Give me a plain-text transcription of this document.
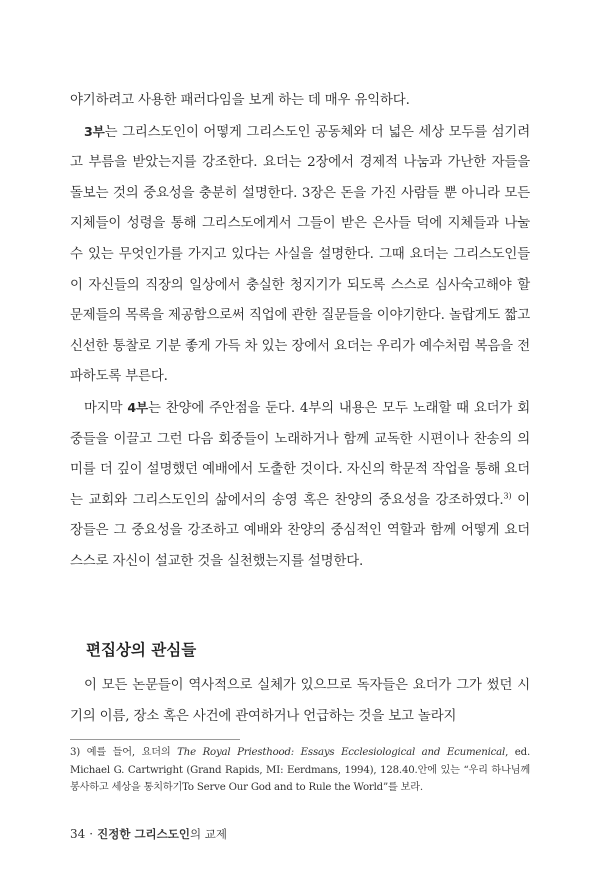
야기하려고 사용한 패러다임을 보게 하는 데 매우 유익하다.

3부는 그리스도인이 어떻게 그리스도인 공동체와 더 넓은 세상 모두를 섬기려고 부름을 받았는지를 강조한다. 요더는 2장에서 경제적 나눔과 가난한 자들을 돌보는 것의 중요성을 충분히 설명한다. 3장은 돈을 가진 사람들 뿐 아니라 모든 지체들이 성령을 통해 그리스도에게서 그들이 받은 은사들 덕에 지체들과 나눌 수 있는 무엇인가를 가지고 있다는 사실을 설명한다. 그때 요더는 그리스도인들이 자신들의 직장의 일상에서 충실한 청지기가 되도록 스스로 심사숙고해야 할 문제들의 목록을 제공함으로써 직업에 관한 질문들을 이야기한다. 놀랍게도 짧고 신선한 통찰로 기분 좋게 가득 차 있는 장에서 요더는 우리가 예수처럼 복음을 전파하도록 부른다.

마지막 4부는 찬양에 주안점을 둔다. 4부의 내용은 모두 노래할 때 요더가 회중들을 이끌고 그런 다음 회중들이 노래하거나 함께 교독한 시편이나 찬송의 의미를 더 깊이 설명했던 예배에서 도출한 것이다. 자신의 학문적 작업을 통해 요더는 교회와 그리스도인의 삶에서의 송영 혹은 찬양의 중요성을 강조하였다.$^{3)}$ 이 장들은 그 중요성을 강조하고 예배와 찬양의 중심적인 역할과 함께 어떻게 요더 스스로 자신이 설교한 것을 실천했는지를 설명한다.

편집상의 관심들

이 모든 논문들이 역사적으로 실체가 있으므로 독자들은 요더가 그가 썼던 시기의 이름, 장소 혹은 사건에 관여하거나 언급하는 것을 보고 놀라지

3) 예를 들어, 요더의 The Royal Priesthood: Essays Ecclesiological and Ecumenical, ed. Michael G. Cartwright (Grand Rapids, MI: Eerdmans, 1994), 128.40.안에 있는 “우리 하나님께 봉사하고 세상을 통치하기To Serve Our God and to Rule the World”를 보라.
34 · 진정한 그리스도인의 교제
